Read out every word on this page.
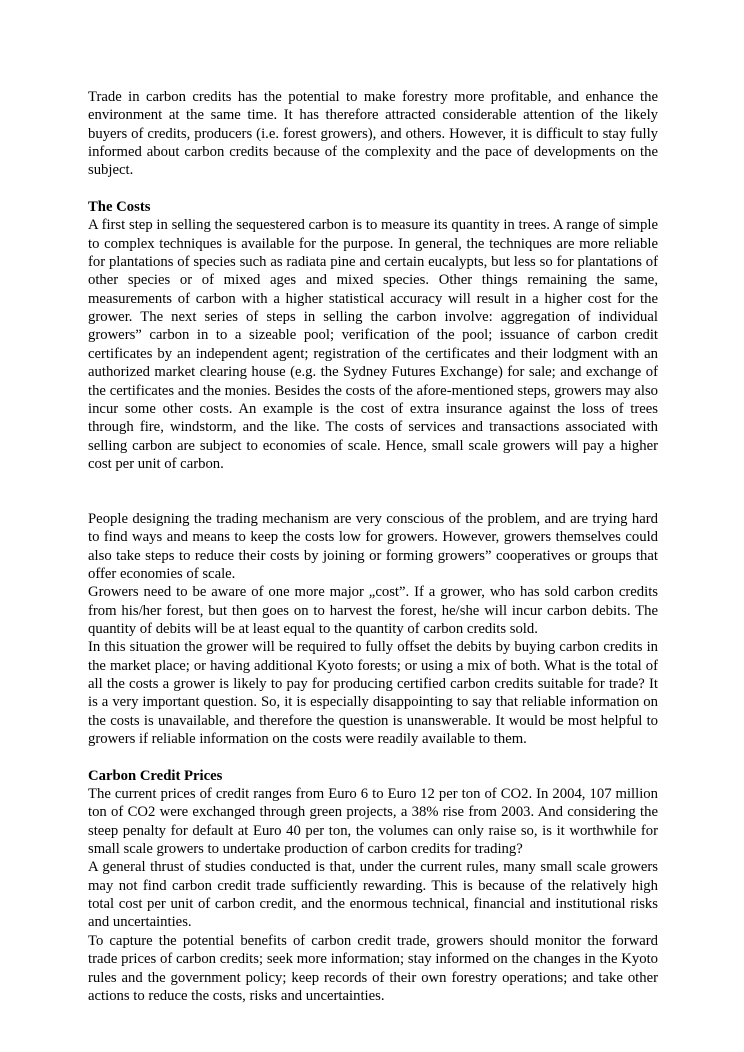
Trade in carbon credits has the potential to make forestry more profitable, and enhance the environment at the same time. It has therefore attracted considerable attention of the likely buyers of credits, producers (i.e. forest growers), and others. However, it is difficult to stay fully informed about carbon credits because of the complexity and the pace of developments on the subject.

The Costs

A first step in selling the sequestered carbon is to measure its quantity in trees. A range of simple to complex techniques is available for the purpose. In general, the techniques are more reliable for plantations of species such as radiata pine and certain eucalypts, but less so for plantations of other species or of mixed ages and mixed species. Other things remaining the same, measurements of carbon with a higher statistical accuracy will result in a higher cost for the grower. The next series of steps in selling the carbon involve: aggregation of individual growers” carbon in to a sizeable pool; verification of the pool; issuance of carbon credit certificates by an independent agent; registration of the certificates and their lodgment with an authorized market clearing house (e.g. the Sydney Futures Exchange) for sale; and exchange of the certificates and the monies. Besides the costs of the afore-mentioned steps, growers may also incur some other costs. An example is the cost of extra insurance against the loss of trees through fire, windstorm, and the like. The costs of services and transactions associated with selling carbon are subject to economies of scale. Hence, small scale growers will pay a higher cost per unit of carbon.

People designing the trading mechanism are very conscious of the problem, and are trying hard to find ways and means to keep the costs low for growers. However, growers themselves could also take steps to reduce their costs by joining or forming growers” cooperatives or groups that offer economies of scale.

Growers need to be aware of one more major „cost”. If a grower, who has sold carbon credits from his/her forest, but then goes on to harvest the forest, he/she will incur carbon debits. The quantity of debits will be at least equal to the quantity of carbon credits sold.

In this situation the grower will be required to fully offset the debits by buying carbon credits in the market place; or having additional Kyoto forests; or using a mix of both. What is the total of all the costs a grower is likely to pay for producing certified carbon credits suitable for trade? It is a very important question. So, it is especially disappointing to say that reliable information on the costs is unavailable, and therefore the question is unanswerable. It would be most helpful to growers if reliable information on the costs were readily available to them.

Carbon Credit Prices

The current prices of credit ranges from Euro 6 to Euro 12 per ton of CO2. In 2004, 107 million ton of CO2 were exchanged through green projects, a 38% rise from 2003. And considering the steep penalty for default at Euro 40 per ton, the volumes can only raise so, is it worthwhile for small scale growers to undertake production of carbon credits for trading?

A general thrust of studies conducted is that, under the current rules, many small scale growers may not find carbon credit trade sufficiently rewarding. This is because of the relatively high total cost per unit of carbon credit, and the enormous technical, financial and institutional risks and uncertainties.

To capture the potential benefits of carbon credit trade, growers should monitor the forward trade prices of carbon credits; seek more information; stay informed on the changes in the Kyoto rules and the government policy; keep records of their own forestry operations; and take other actions to reduce the costs, risks and uncertainties.
